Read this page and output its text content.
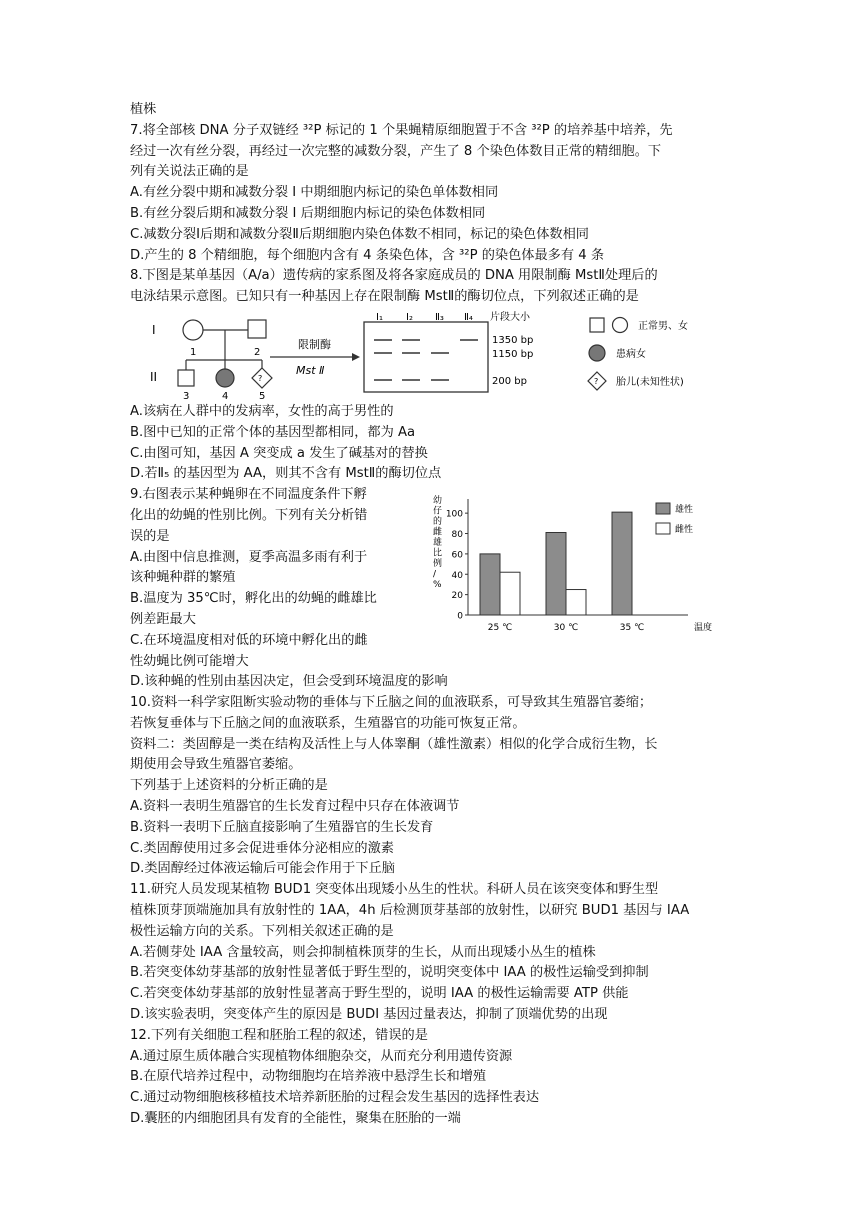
植株
7.将全部核 DNA 分子双链经 ³²P 标记的 1 个果蝇精原细胞置于不含 ³²P 的培养基中培养，先
经过一次有丝分裂，再经过一次完整的减数分裂，产生了 8 个染色体数目正常的精细胞。下
列有关说法正确的是
A.有丝分裂中期和减数分裂 I 中期细胞内标记的染色单体数相同
B.有丝分裂后期和减数分裂 I 后期细胞内标记的染色体数相同
C.减数分裂Ⅰ后期和减数分裂Ⅱ后期细胞内染色体数不相同，标记的染色体数相同
D.产生的 8 个精细胞，每个细胞内含有 4 条染色体，含 ³²P 的染色体最多有 4 条
8.下图是某单基因（A/a）遗传病的家系图及将各家庭成员的 DNA 用限制酶 MstⅡ处理后的
电泳结果示意图。已知只有一种基因上存在限制酶 MstⅡ的酶切位点，下列叙述正确的是
I
II
1	2
?
3	4	5
限制酶
Mst Ⅱ
I₁ I₂ Ⅱ₃ Ⅱ₄ 片段大小
1350 bp
1150 bp
200 bp
正常男、女
患病女
? 胎儿(未知性状)
A.该病在人群中的发病率，女性的高于男性的
B.图中已知的正常个体的基因型都相同，都为 Aa
C.由图可知，基因 A 突变成 a 发生了碱基对的替换
D.若Ⅱ₅ 的基因型为 AA，则其不含有 MstⅡ的酶切位点
9.右图表示某种蝇卵在不同温度条件下孵
化出的幼蝇的性别比例。下列有关分析错
误的是
A.由图中信息推测，夏季高温多雨有利于
该种蝇种群的繁殖
B.温度为 35℃时，孵化出的幼蝇的雌雄比
例差距最大
C.在环境温度相对低的环境中孵化出的雌
性幼蝇比例可能增大
幼
仔
的
雌
雄
比
例
/
%
0
20
40
60
80
100
25 ℃	30 ℃	35 ℃	温度
雄性
雌性
D.该种蝇的性别由基因决定，但会受到环境温度的影响
10.资料一科学家阻断实验动物的垂体与下丘脑之间的血液联系，可导致其生殖器官萎缩；
若恢复垂体与下丘脑之间的血液联系，生殖器官的功能可恢复正常。
资料二：类固醇是一类在结构及活性上与人体睾酮（雄性激素）相似的化学合成衍生物，长
期使用会导致生殖器官萎缩。
下列基于上述资料的分析正确的是
A.资料一表明生殖器官的生长发育过程中只存在体液调节
B.资料一表明下丘脑直接影响了生殖器官的生长发育
C.类固醇使用过多会促进垂体分泌相应的激素
D.类固醇经过体液运输后可能会作用于下丘脑
11.研究人员发现某植物 BUD1 突变体出现矮小丛生的性状。科研人员在该突变体和野生型
植株顶芽顶端施加具有放射性的 1AA，4h 后检测顶芽基部的放射性，以研究 BUD1 基因与 IAA
极性运输方向的关系。下列相关叙述正确的是
A.若侧芽处 IAA 含量较高，则会抑制植株顶芽的生长，从而出现矮小丛生的植株
B.若突变体幼芽基部的放射性显著低于野生型的，说明突变体中 IAA 的极性运输受到抑制
C.若突变体幼芽基部的放射性显著高于野生型的，说明 IAA 的极性运输需要 ATP 供能
D.该实验表明，突变体产生的原因是 BUDI 基因过量表达，抑制了顶端优势的出现
12.下列有关细胞工程和胚胎工程的叙述，错误的是
A.通过原生质体融合实现植物体细胞杂交，从而充分利用遗传资源
B.在原代培养过程中，动物细胞均在培养液中悬浮生长和增殖
C.通过动物细胞核移植技术培养新胚胎的过程会发生基因的选择性表达
D.囊胚的内细胞团具有发育的全能性，聚集在胚胎的一端
